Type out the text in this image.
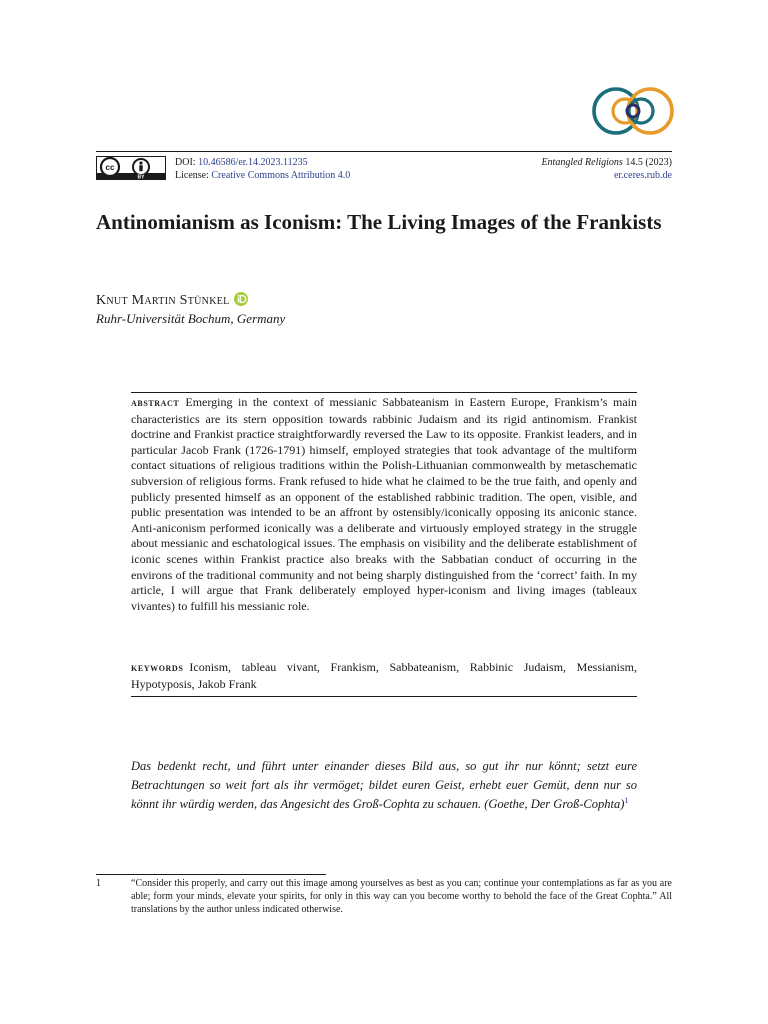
cc
BY
DOI: 10.46586/er.14.2023.11235
License: Creative Commons Attribution 4.0
Entangled Religions 14.5 (2023)
er.ceres.rub.de
Antinomianism as Iconism: The Living Images of the Frankists
Knut Martin Stünkel
Ruhr-Universität Bochum, Germany

abstract Emerging in the context of messianic Sabbateanism in Eastern Europe, Frankism’s main characteristics are its stern opposition towards rabbinic Judaism and its rigid antinomism. Frankist doctrine and Frankist practice straightforwardly reversed the Law to its opposite. Frankist leaders, and in particular Jacob Frank (1726-1791) himself, employed strategies that took advantage of the multiform contact situations of religious traditions within the Polish-Lithuanian commonwealth by metaschematic subversion of religious forms. Frank refused to hide what he claimed to be the true faith, and openly and publicly presented himself as an opponent of the established rabbinic tradition. The open, visible, and public presentation was intended to be an affront by ostensibly/iconically opposing its aniconic stance. Anti-aniconism performed iconically was a deliberate and virtuously employed strategy in the struggle about messianic and eschatological issues. The emphasis on visibility and the deliberate establishment of iconic scenes within Frankist practice also breaks with the Sabbatian conduct of occurring in the environs of the traditional community and not being sharply distinguished from the ‘correct’ faith. In my article, I will argue that Frank deliberately employed hyper-iconism and living images (tableaux vivantes) to fulfill his messianic role.

keywords Iconism, tableau vivant, Frankism, Sabbateanism, Rabbinic Judaism, Messianism, Hypotyposis, Jakob Frank

Das bedenkt recht, und führt unter einander dieses Bild aus, so gut ihr nur könnt; setzt eure Betrachtungen so weit fort als ihr vermöget; bildet euren Geist, erhebt euer Gemüt, denn nur so könnt ihr würdig werden, das Angesicht des Groß-Cophta zu schauen. (Goethe, Der Groß-Cophta)$^1$

1	“Consider this properly, and carry out this image among yourselves as best as you can; continue your contemplations as far as you are able; form your minds, elevate your spirits, for only in this way can you become worthy to behold the face of the Great Cophta.” All translations by the author unless indicated otherwise.
